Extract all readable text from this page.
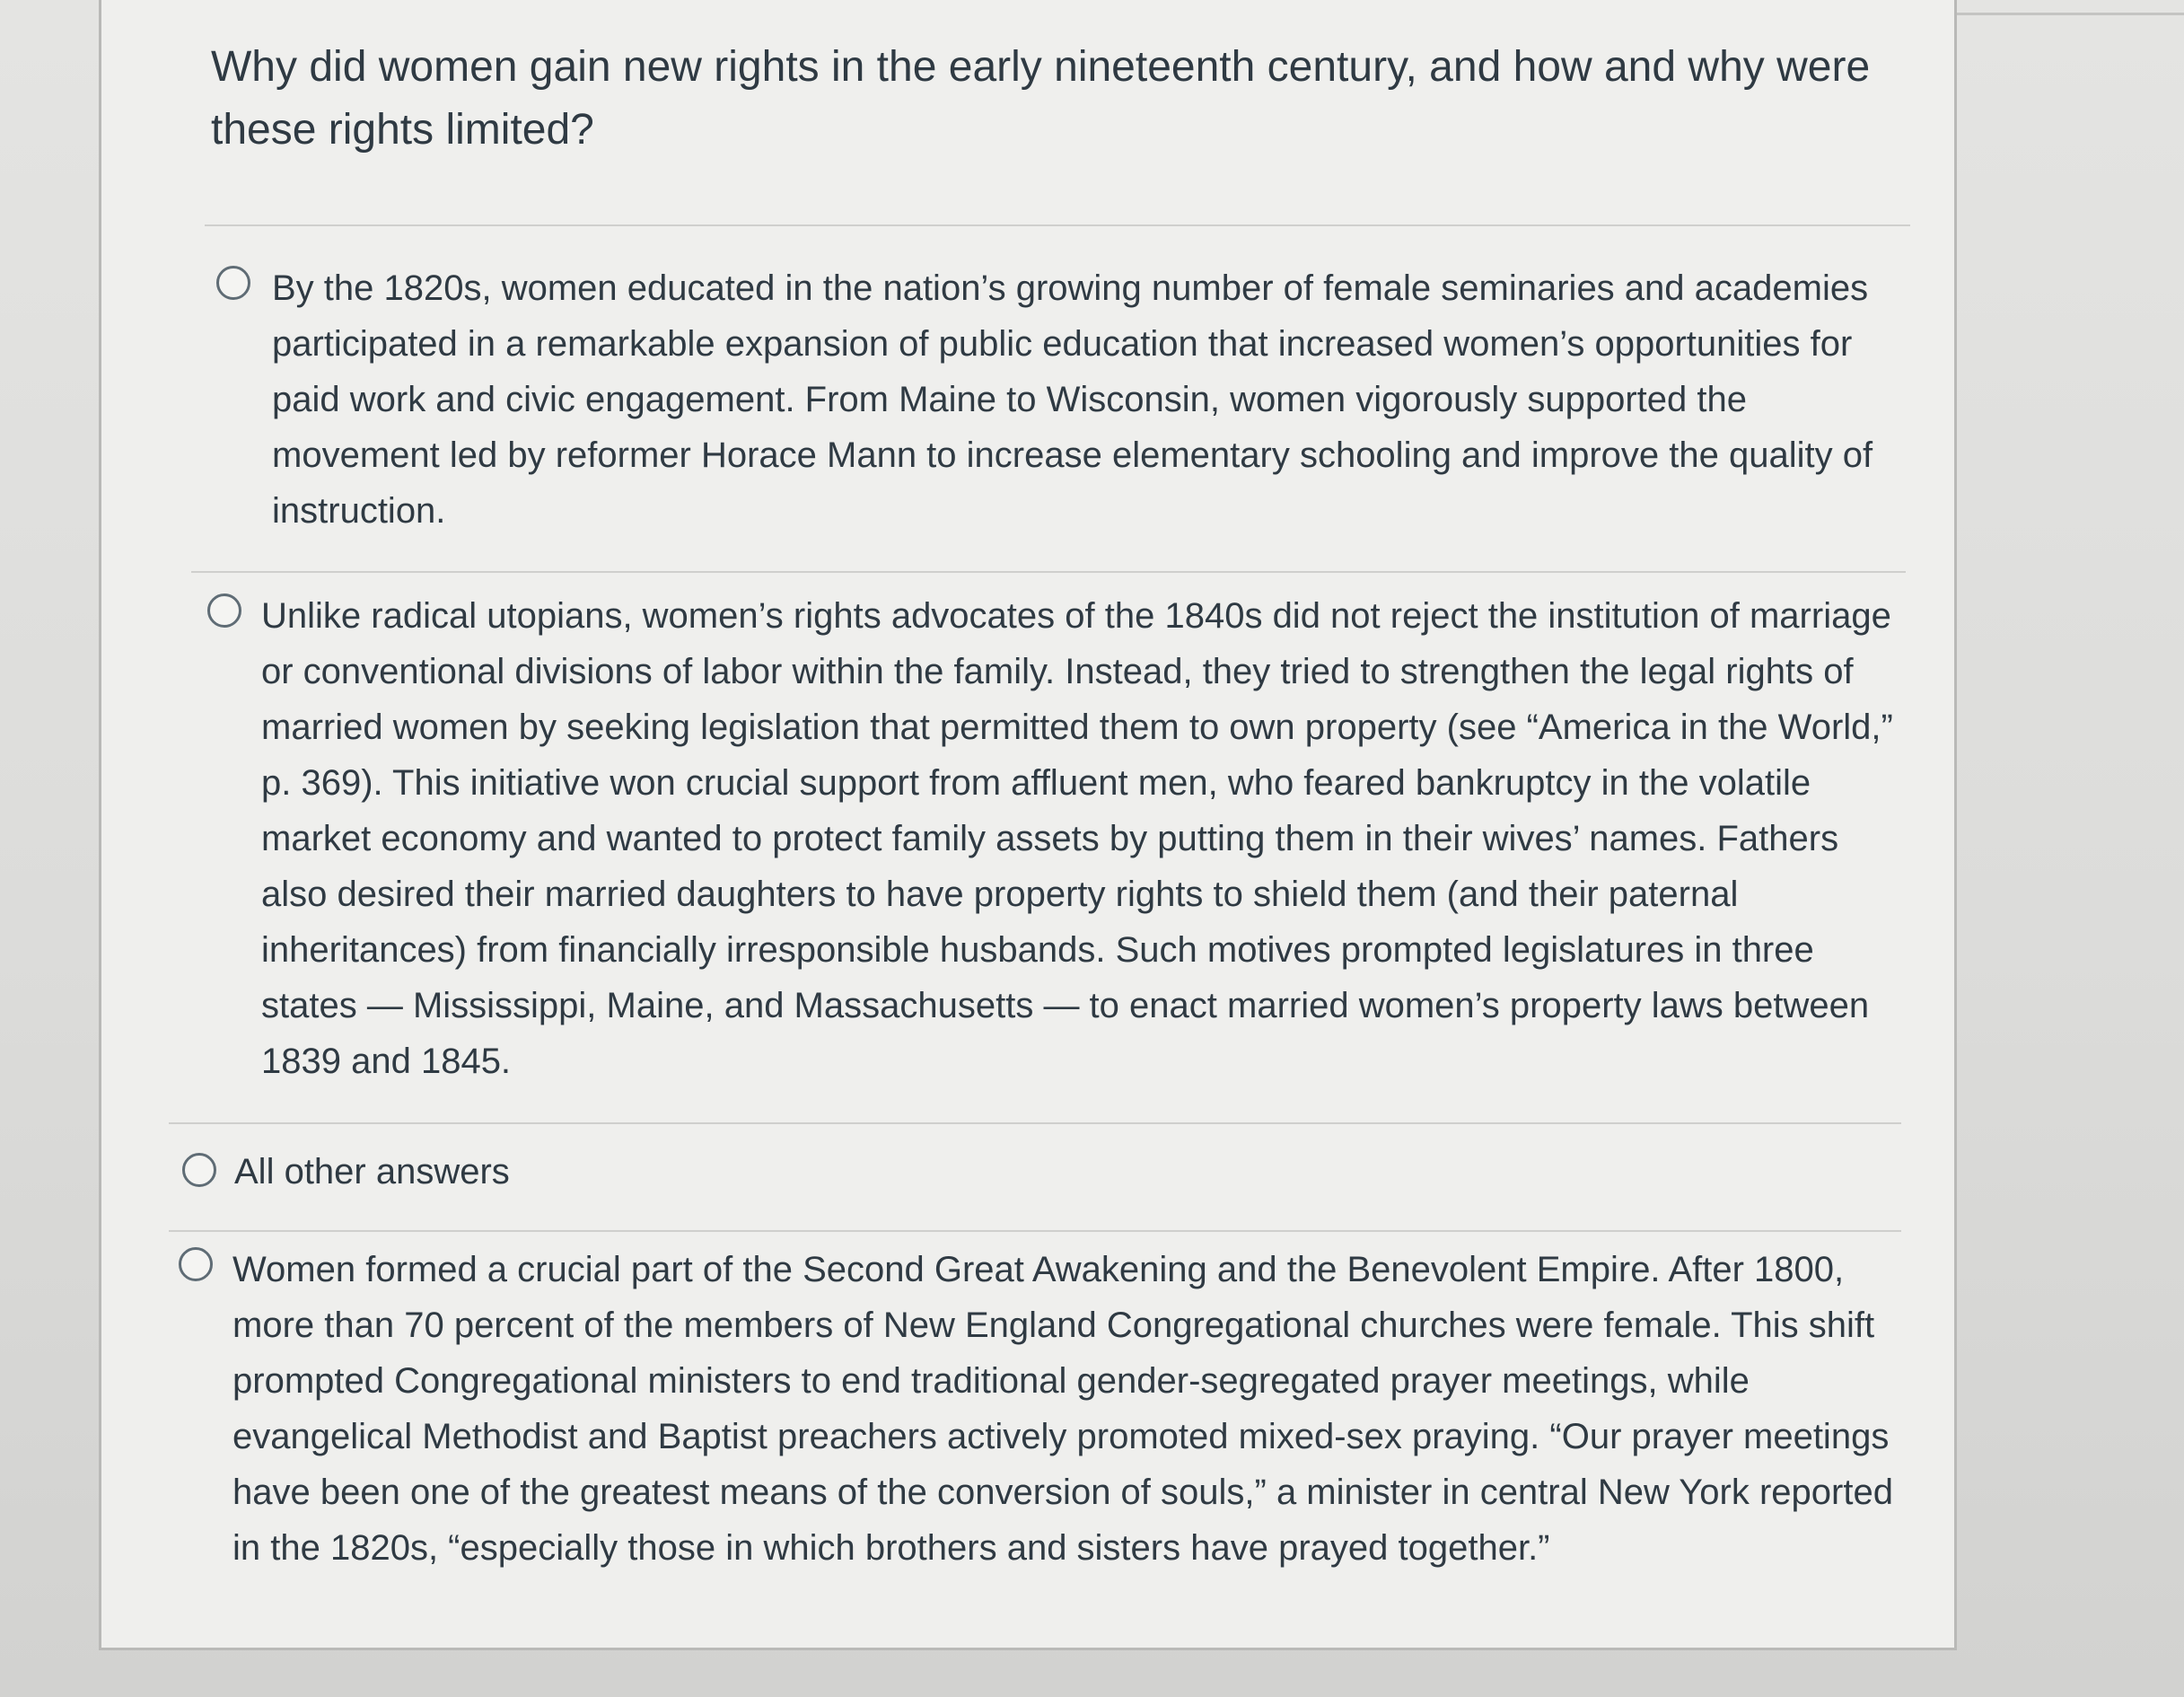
Why did women gain new rights in the early nineteenth century, and how and why were these rights limited?

By the 1820s, women educated in the nation’s growing number of female seminaries and academies participated in a remarkable expansion of public education that increased women’s opportunities for paid work and civic engagement. From Maine to Wisconsin, women vigorously supported the movement led by reformer Horace Mann to increase elementary schooling and improve the quality of instruction.

Unlike radical utopians, women’s rights advocates of the 1840s did not reject the institution of marriage or conventional divisions of labor within the family. Instead, they tried to strengthen the legal rights of married women by seeking legislation that permitted them to own property (see “America in the World,” p. 369). This initiative won crucial support from affluent men, who feared bankruptcy in the volatile market economy and wanted to protect family assets by putting them in their wives’ names. Fathers also desired their married daughters to have property rights to shield them (and their paternal inheritances) from financially irresponsible husbands. Such motives prompted legislatures in three states — Mississippi, Maine, and Massachusetts — to enact married women’s property laws between 1839 and 1845.

All other answers

Women formed a crucial part of the Second Great Awakening and the Benevolent Empire. After 1800, more than 70 percent of the members of New England Congregational churches were female. This shift prompted Congregational ministers to end traditional gender-segregated prayer meetings, while evangelical Methodist and Baptist preachers actively promoted mixed-sex praying. “Our prayer meetings have been one of the greatest means of the conversion of souls,” a minister in central New York reported in the 1820s, “especially those in which brothers and sisters have prayed together.”
